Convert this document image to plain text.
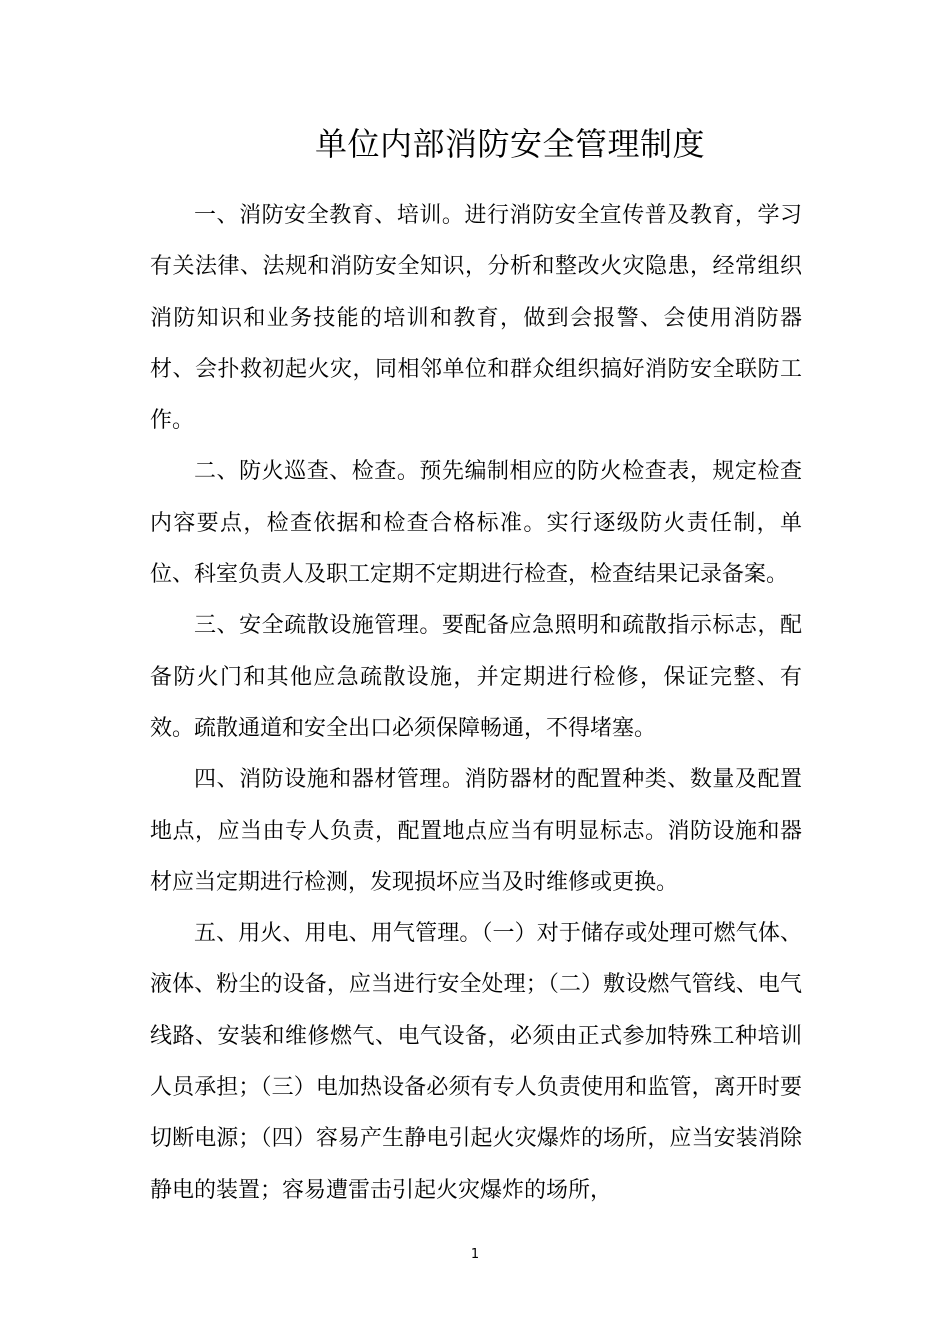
单位内部消防安全管理制度

一、消防安全教育、培训。进行消防安全宣传普及教育，学习有关法律、法规和消防安全知识，分析和整改火灾隐患，经常组织消防知识和业务技能的培训和教育，做到会报警、会使用消防器材、会扑救初起火灾，同相邻单位和群众组织搞好消防安全联防工作。

二、防火巡查、检查。预先编制相应的防火检查表，规定检查内容要点，检查依据和检查合格标准。实行逐级防火责任制，单位、科室负责人及职工定期不定期进行检查，检查结果记录备案。

三、安全疏散设施管理。要配备应急照明和疏散指示标志，配备防火门和其他应急疏散设施，并定期进行检修，保证完整、有效。疏散通道和安全出口必须保障畅通，不得堵塞。

四、消防设施和器材管理。消防器材的配置种类、数量及配置地点，应当由专人负责，配置地点应当有明显标志。消防设施和器材应当定期进行检测，发现损坏应当及时维修或更换。

五、用火、用电、用气管理。（一）对于储存或处理可燃气体、液体、粉尘的设备，应当进行安全处理；（二）敷设燃气管线、电气线路、安装和维修燃气、电气设备，必须由正式参加特殊工种培训人员承担；（三）电加热设备必须有专人负责使用和监管，离开时要切断电源；（四）容易产生静电引起火灾爆炸的场所，应当安装消除静电的装置；容易遭雷击引起火灾爆炸的场所，

1
